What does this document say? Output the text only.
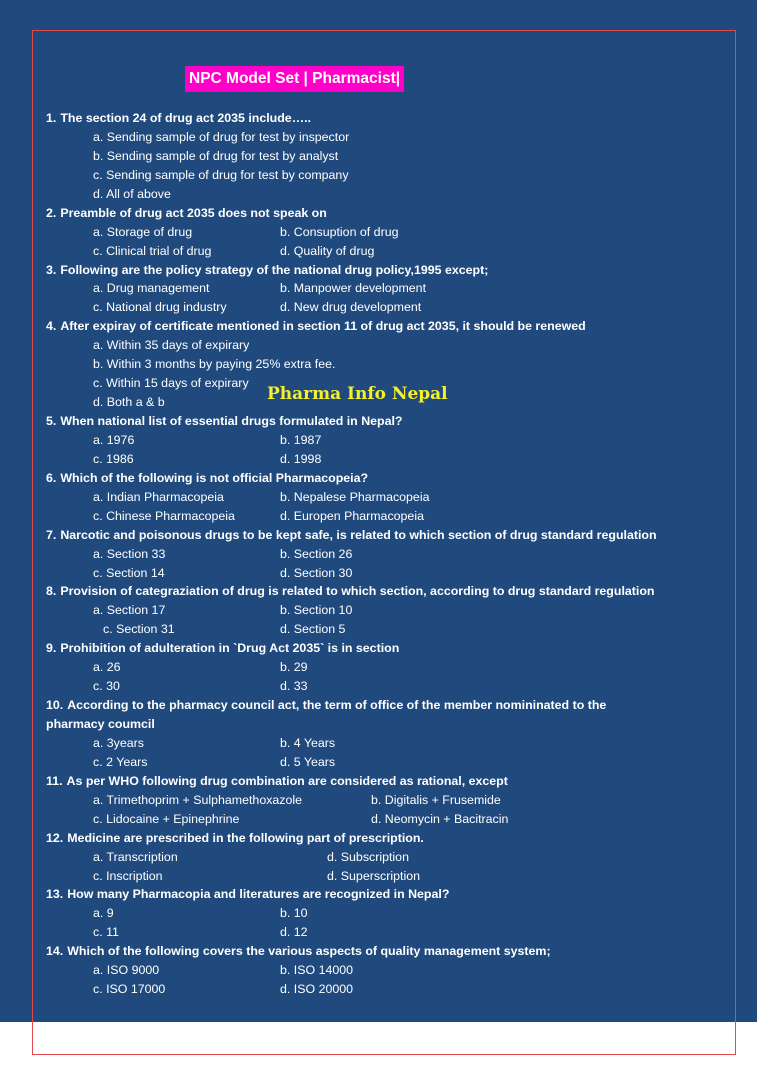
NPC Model Set | Pharmacist|
1. The section 24 of drug act 2035 include…..
a. Sending sample of drug for test by inspector
b. Sending sample of drug for test by analyst
c. Sending sample of drug for test by company
d. All of above
2. Preamble of drug act 2035 does not speak on
a. Storage of drug	b. Consuption of drug
c. Clinical trial of drug	d. Quality of drug
3. Following are the policy strategy of the national drug policy,1995 except;
a. Drug management	b. Manpower development
c. National drug industry	d. New drug development
4. After expiray of certificate mentioned in section 11 of drug act 2035, it should be renewed
a. Within 35 days of expirary
b. Within 3 months by paying 25% extra fee.
c. Within 15 days of expirary
d. Both a & b
5. When national list of essential drugs formulated in Nepal?
a. 1976	b. 1987
c. 1986	d. 1998
6. Which of the following is not official Pharmacopeia?
a. Indian Pharmacopeia	b. Nepalese Pharmacopeia
c. Chinese Pharmacopeia	d. Europen Pharmacopeia
7. Narcotic and poisonous drugs to be kept safe, is related to which section of drug standard regulation
a. Section 33	b. Section 26
c. Section 14	d. Section 30
8. Provision of categraziation of drug is related to which section, according to drug standard regulation
a. Section 17	b. Section 10
c. Section 31	d. Section 5
9. Prohibition of adulteration in `Drug Act 2035` is in section
a. 26	b. 29
c. 30	d. 33
10. According to the pharmacy council act, the term of office of the member nomininated to the
pharmacy coumcil
a. 3years	b. 4 Years
c. 2 Years	d. 5 Years
11. As per WHO following drug combination are considered as rational, except
a. Trimethoprim + Sulphamethoxazole	b. Digitalis + Frusemide
c. Lidocaine + Epinephrine	d. Neomycin + Bacitracin
12. Medicine are prescribed in the following part of prescription.
a. Transcription	d. Subscription
c. Inscription	d. Superscription
13. How many Pharmacopia and literatures are recognized in Nepal?
a. 9	b. 10
c. 11	d. 12
14. Which of the following covers the various aspects of quality management system;
a. ISO 9000	b. ISO 14000
c. ISO 17000	d. ISO 20000
Pharma Info Nepal
